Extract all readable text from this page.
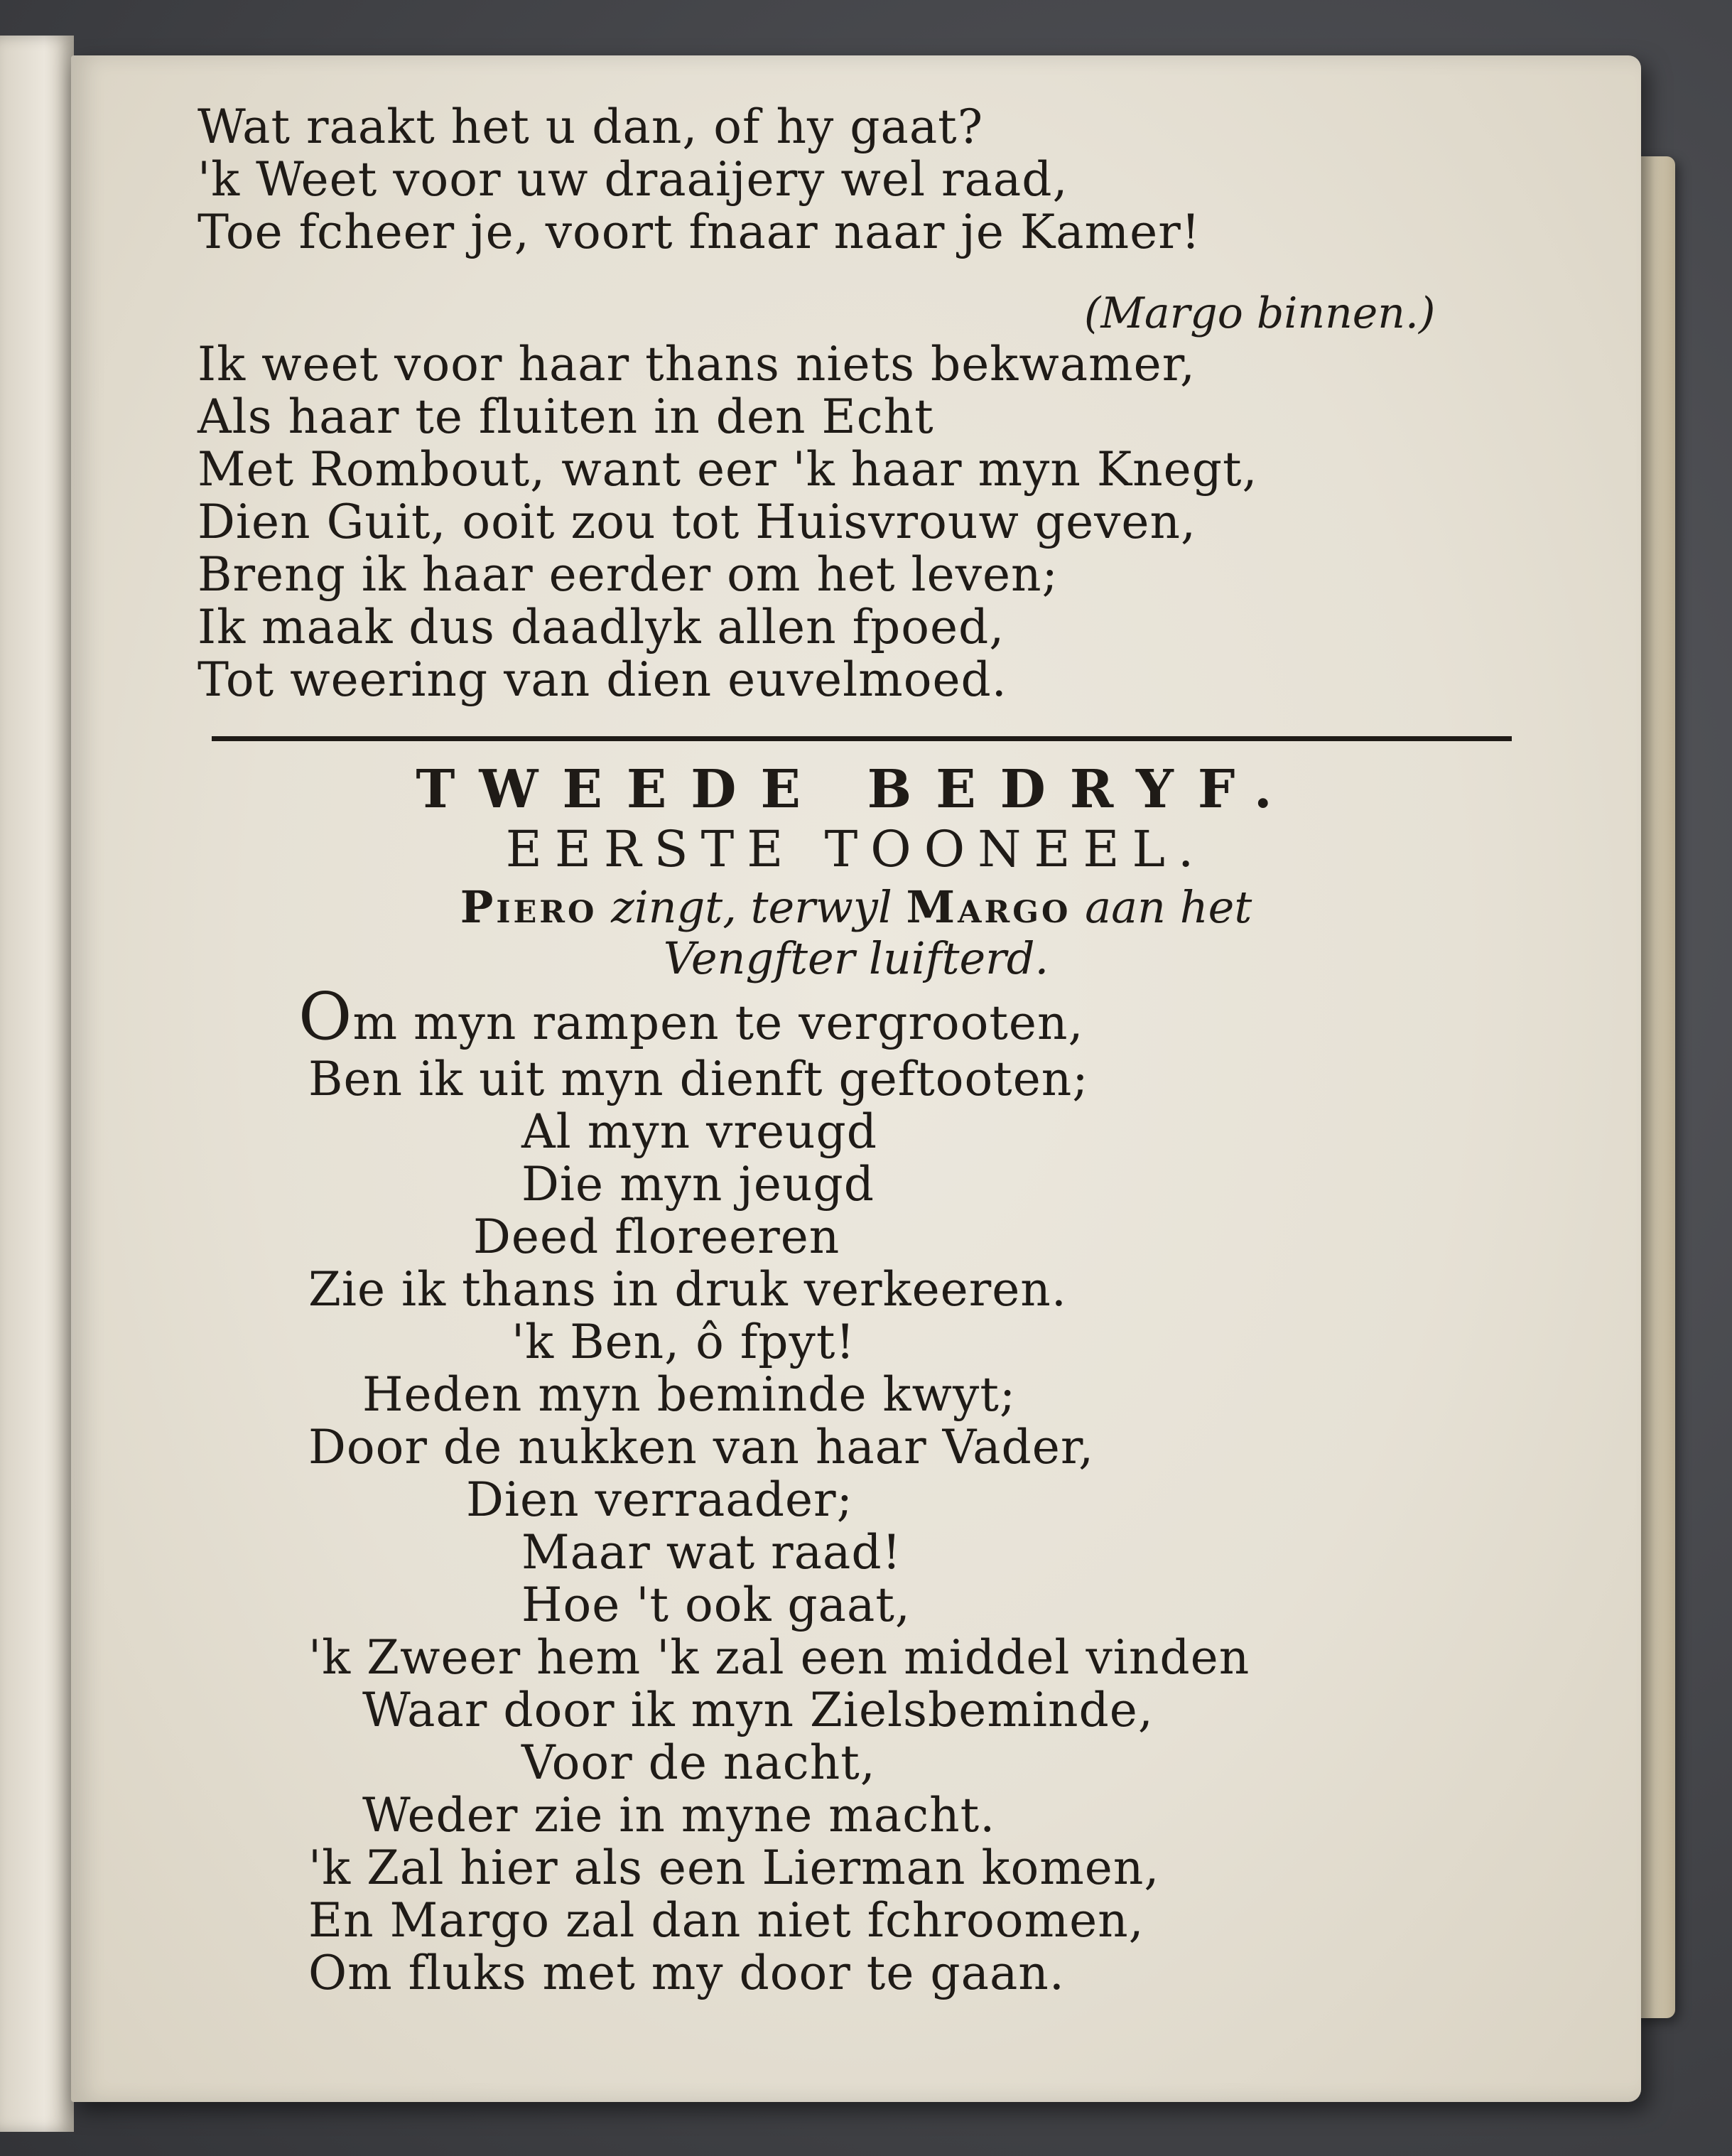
Wat raakt het u dan, of hy gaat?
'k Weet voor uw draaijery wel raad,
Toe fcheer je, voort fnaar naar je Kamer!
(Margo binnen.)
Ik weet voor haar thans niets bekwamer,
Als haar te fluiten in den Echt
Met Rombout, want eer 'k haar myn Knegt,
Dien Guit, ooit zou tot Huisvrouw geven,
Breng ik haar eerder om het leven;
Ik maak dus daadlyk allen fpoed,
Tot weering van dien euvelmoed.
TWEEDE BEDRYF.
EERSTE TOONEEL.
Piero zingt, terwyl Margo aan het
Vengfter luifterd.
Om myn rampen te vergrooten,
Ben ik uit myn dienft geftooten;
Al myn vreugd
Die myn jeugd
Deed floreeren
Zie ik thans in druk verkeeren.
'k Ben, ô fpyt!
Heden myn beminde kwyt;
Door de nukken van haar Vader,
Dien verraader;
Maar wat raad!
Hoe 't ook gaat,
'k Zweer hem 'k zal een middel vinden
Waar door ik myn Zielsbeminde,
Voor de nacht,
Weder zie in myne macht.
'k Zal hier als een Lierman komen,
En Margo zal dan niet fchroomen,
Om fluks met my door te gaan.
